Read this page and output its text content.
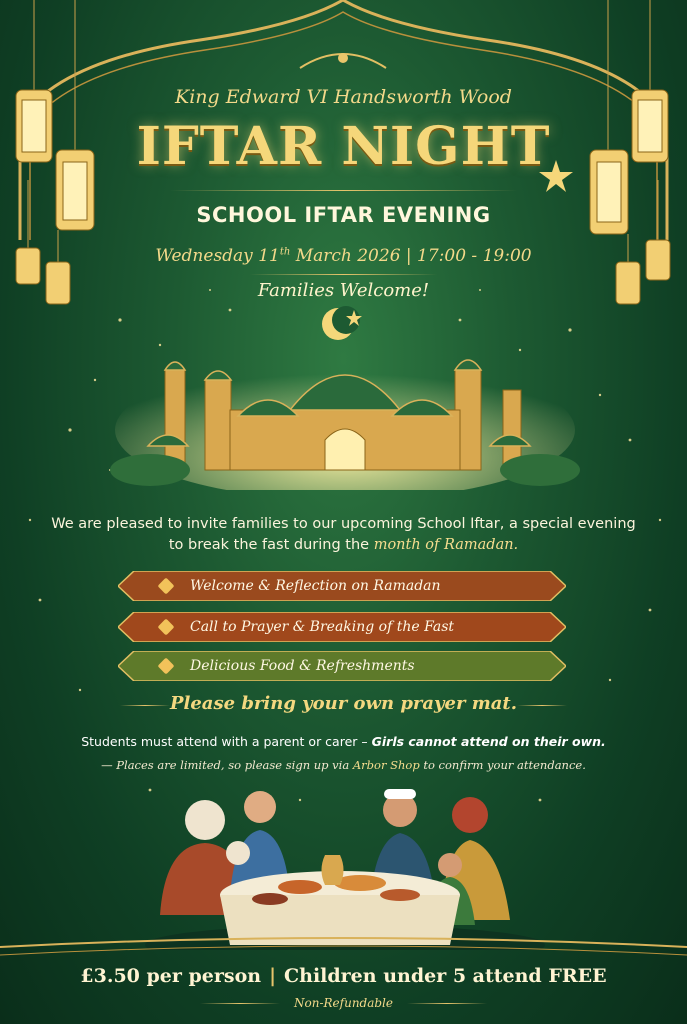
King Edward VI Handsworth Wood
IFTAR NIGHT
SCHOOL IFTAR EVENING
Wednesday 11th March 2026 | 17:00 - 19:00
Families Welcome!
We are pleased to invite families to our upcoming School Iftar, a special evening
to break the fast during the month of Ramadan.
Welcome & Reflection on Ramadan
Call to Prayer & Breaking of the Fast
Delicious Food & Refreshments
Please bring your own prayer mat.
Students must attend with a parent or carer – Girls cannot attend on their own.
— Places are limited, so please sign up via Arbor Shop to confirm your attendance.
£3.50 per person | Children under 5 attend FREE
Non-Refundable
